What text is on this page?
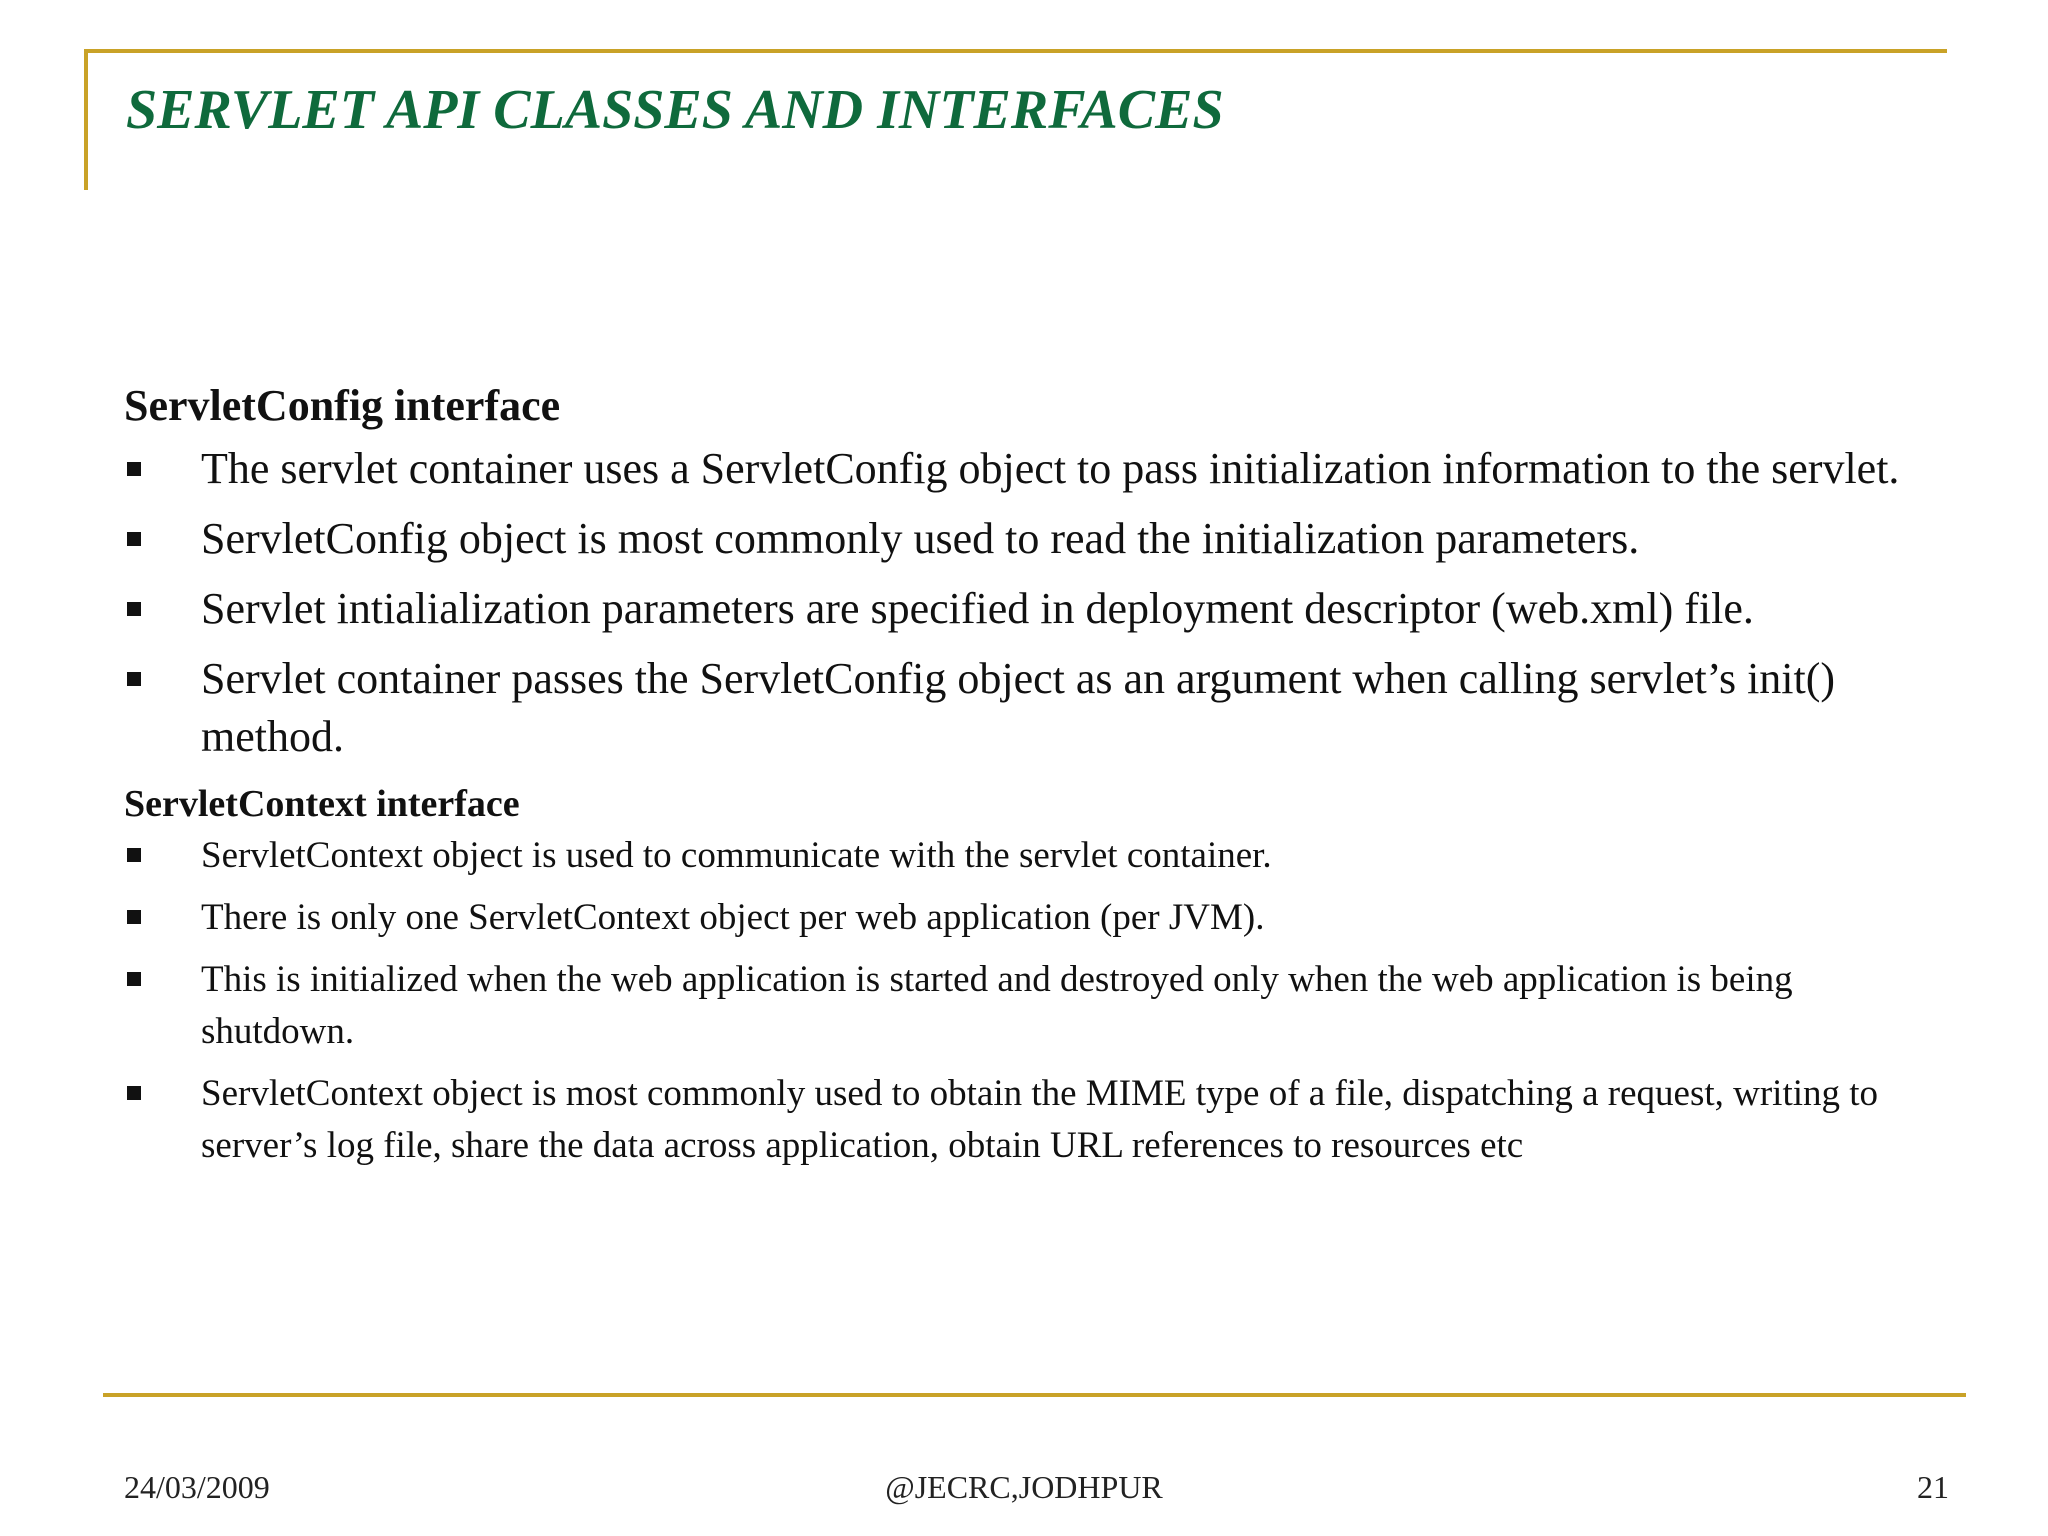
SERVLET API CLASSES AND INTERFACES

ServletConfig interface

The servlet container uses a ServletConfig object to pass initialization information to the servlet.
ServletConfig object is most commonly used to read the initialization parameters.
Servlet intialialization parameters are specified in deployment descriptor (web.xml) file.
Servlet container passes the ServletConfig object as an argument when calling servlet’s init() method.

ServletContext interface

ServletContext object is used to communicate with the servlet container.
There is only one ServletContext object per web application (per JVM).
This is initialized when the web application is started and destroyed only when the web application is being shutdown.
ServletContext object is most commonly used to obtain the MIME type of a file, dispatching a request, writing to server’s log file, share the data across application, obtain URL references to resources etc
24/03/2009	@JECRC,JODHPUR	21
